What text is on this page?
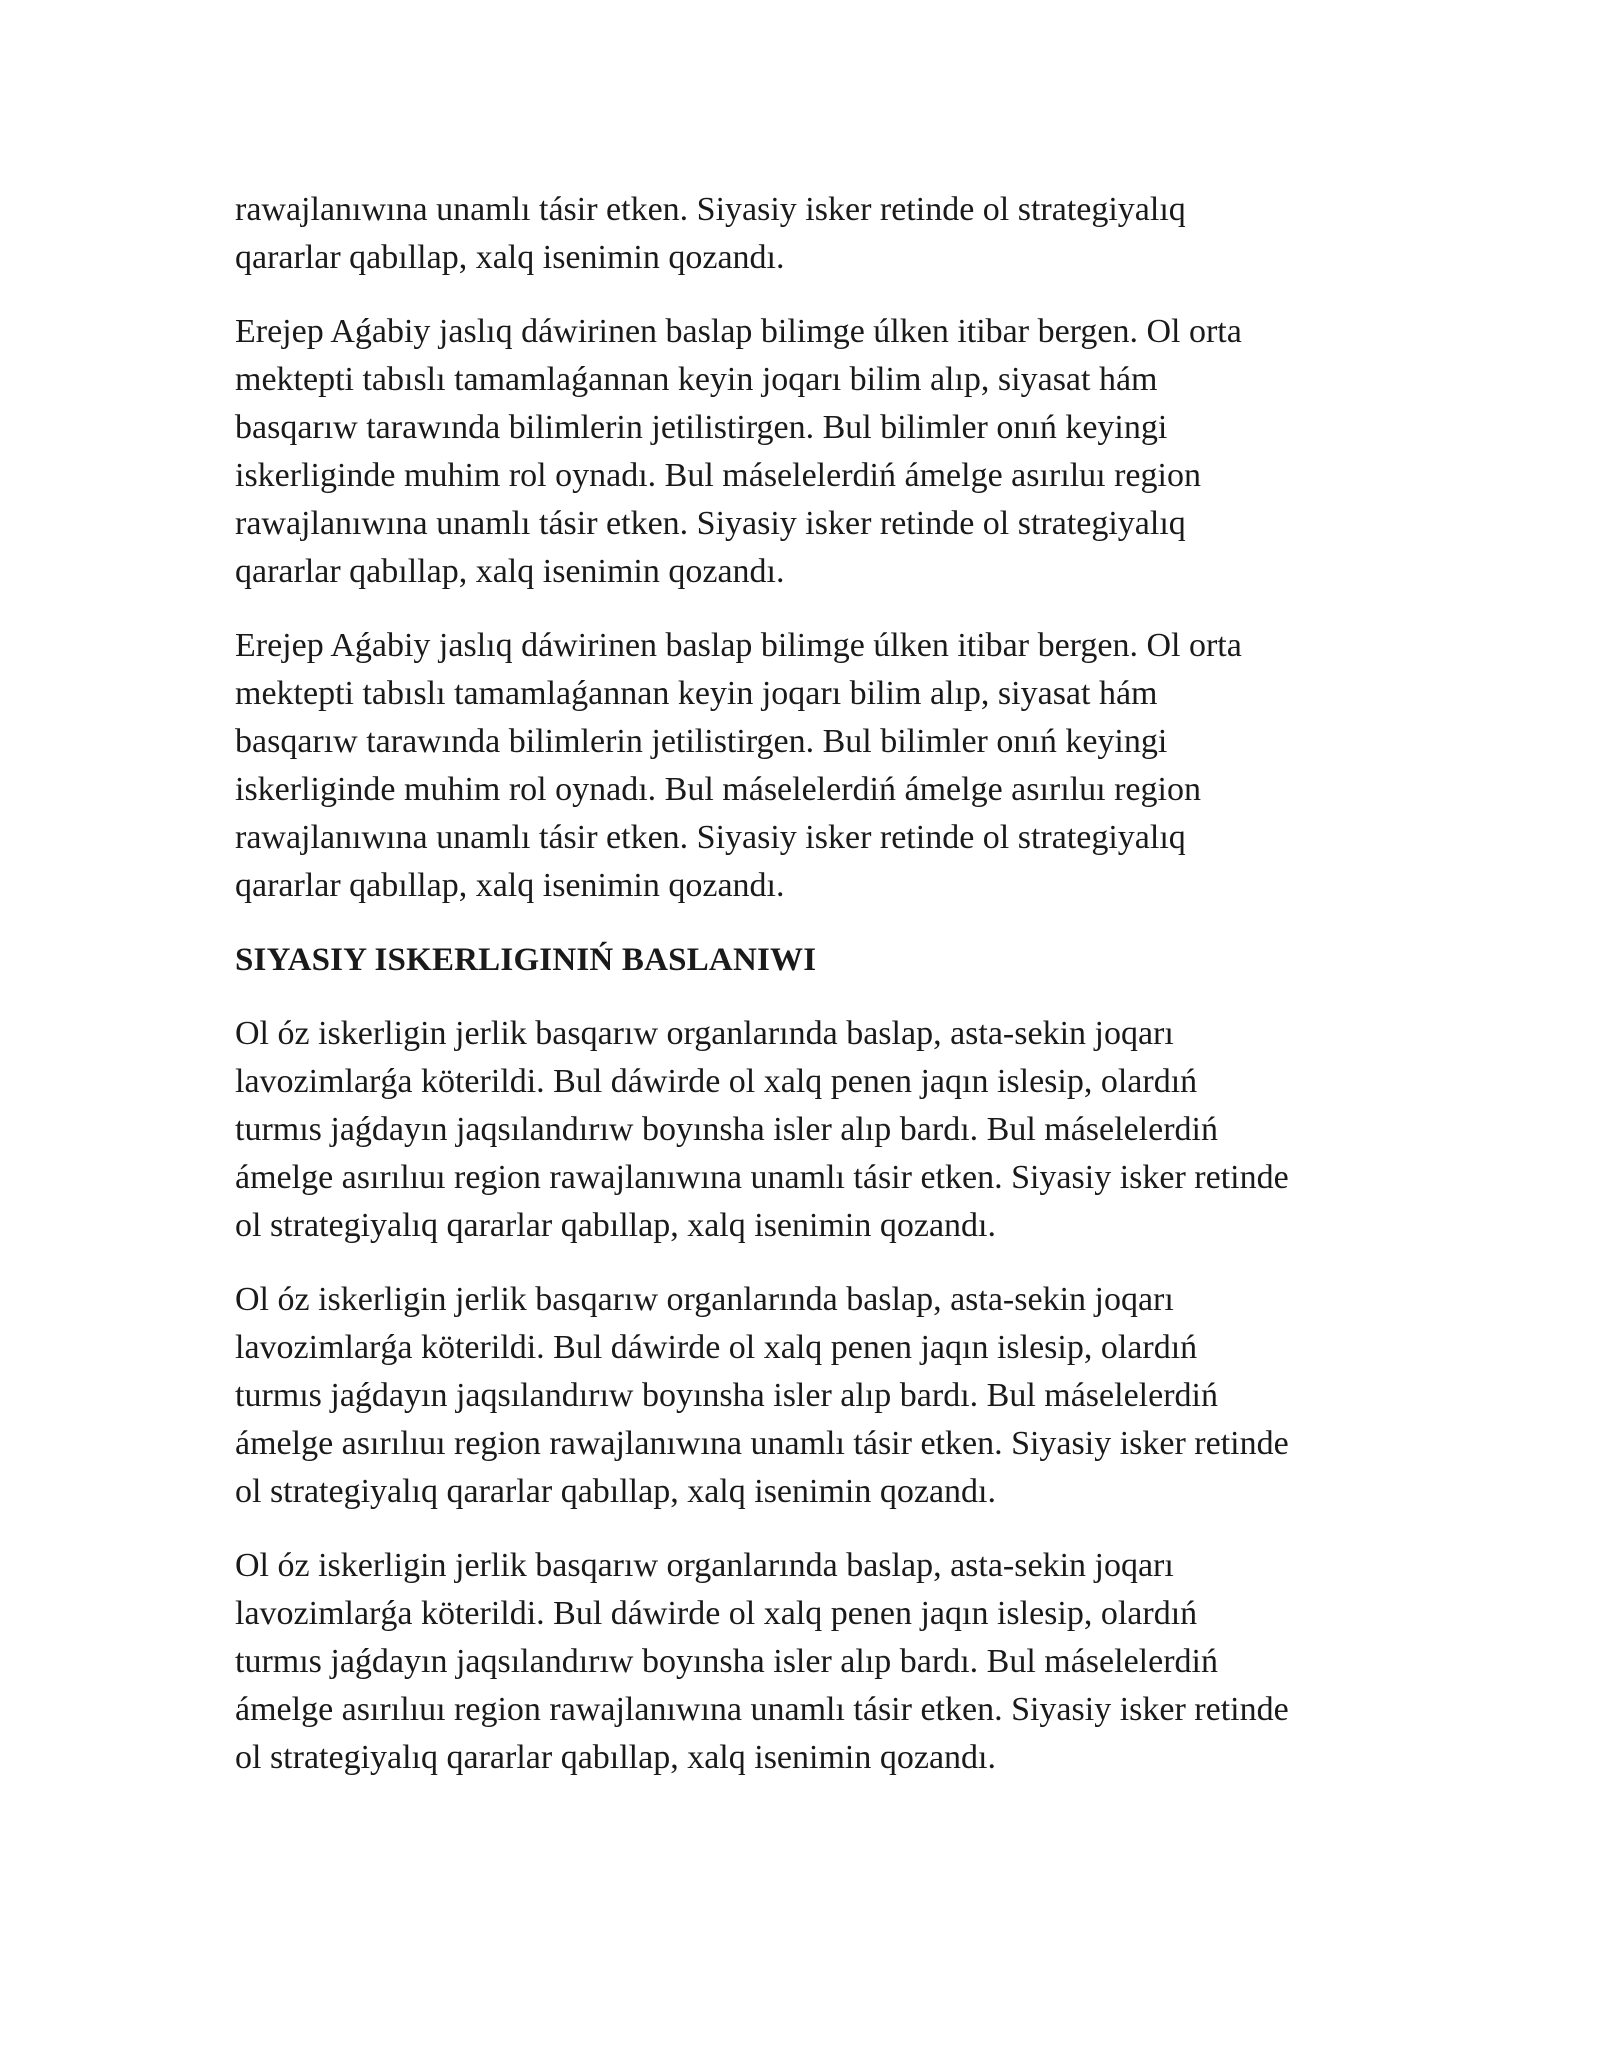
rawajlanıwına unamlı tásir etken. Siyasiy isker retinde ol strategiyalıq
qararlar qabıllap, xalq isenimin qozandı.

Erejep Aǵabiy jaslıq dáwirinen baslap bilimge úlken itibar bergen. Ol orta
mektepti tabıslı tamamlaǵannan keyin joqarı bilim alıp, siyasat hám
basqarıw tarawında bilimlerin jetilistirgen. Bul bilimler onıń keyingi
iskerliginde muhim rol oynadı. Bul máselelerdiń ámelge asırıluı region
rawajlanıwına unamlı tásir etken. Siyasiy isker retinde ol strategiyalıq
qararlar qabıllap, xalq isenimin qozandı.

Erejep Aǵabiy jaslıq dáwirinen baslap bilimge úlken itibar bergen. Ol orta
mektepti tabıslı tamamlaǵannan keyin joqarı bilim alıp, siyasat hám
basqarıw tarawında bilimlerin jetilistirgen. Bul bilimler onıń keyingi
iskerliginde muhim rol oynadı. Bul máselelerdiń ámelge asırıluı region
rawajlanıwına unamlı tásir etken. Siyasiy isker retinde ol strategiyalıq
qararlar qabıllap, xalq isenimin qozandı.

SIYASIY ISKERLIGINIŃ BASLANIWI

Ol óz iskerligin jerlik basqarıw organlarında baslap, asta-sekin joqarı
lavozimlarǵa köterildi. Bul dáwirde ol xalq penen jaqın islesip, olardıń
turmıs jaǵdayın jaqsılandırıw boyınsha isler alıp bardı. Bul máselelerdiń
ámelge asırılıuı region rawajlanıwına unamlı tásir etken. Siyasiy isker retinde
ol strategiyalıq qararlar qabıllap, xalq isenimin qozandı.

Ol óz iskerligin jerlik basqarıw organlarında baslap, asta-sekin joqarı
lavozimlarǵa köterildi. Bul dáwirde ol xalq penen jaqın islesip, olardıń
turmıs jaǵdayın jaqsılandırıw boyınsha isler alıp bardı. Bul máselelerdiń
ámelge asırılıuı region rawajlanıwına unamlı tásir etken. Siyasiy isker retinde
ol strategiyalıq qararlar qabıllap, xalq isenimin qozandı.

Ol óz iskerligin jerlik basqarıw organlarında baslap, asta-sekin joqarı
lavozimlarǵa köterildi. Bul dáwirde ol xalq penen jaqın islesip, olardıń
turmıs jaǵdayın jaqsılandırıw boyınsha isler alıp bardı. Bul máselelerdiń
ámelge asırılıuı region rawajlanıwına unamlı tásir etken. Siyasiy isker retinde
ol strategiyalıq qararlar qabıllap, xalq isenimin qozandı.
